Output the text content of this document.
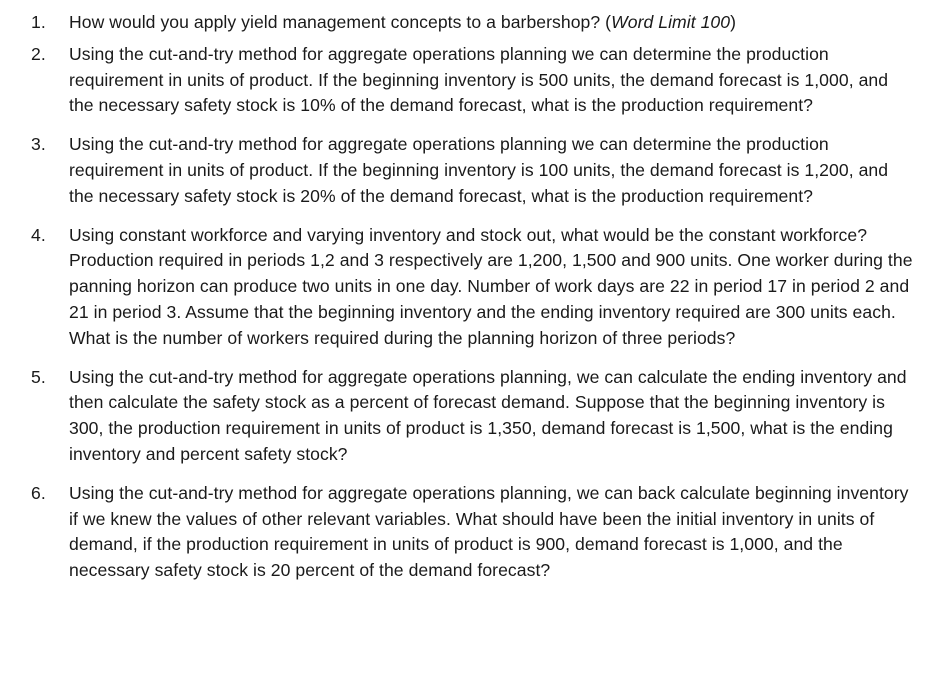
1.	How would you apply yield management concepts to a barbershop? (Word Limit 100)
2.	Using the cut-and-try method for aggregate operations planning we can determine the production requirement in units of product. If the beginning inventory is 500 units, the demand forecast is 1,000, and the necessary safety stock is 10% of the demand forecast, what is the production requirement?
3.	Using the cut-and-try method for aggregate operations planning we can determine the production requirement in units of product. If the beginning inventory is 100 units, the demand forecast is 1,200, and the necessary safety stock is 20% of the demand forecast, what is the production requirement?
4.	Using constant workforce and varying inventory and stock out, what would be the constant workforce? Production required in periods 1,2 and 3 respectively are 1,200, 1,500 and 900 units. One worker during the panning horizon can produce two units in one day. Number of work days are 22 in period 17 in period 2 and 21 in period 3. Assume that the beginning inventory and the ending inventory required are 300 units each. What is the number of workers required during the planning horizon of three periods?
5.	Using the cut-and-try method for aggregate operations planning, we can calculate the ending inventory and then calculate the safety stock as a percent of forecast demand. Suppose that the beginning inventory is 300, the production requirement in units of product is 1,350, demand forecast is 1,500, what is the ending inventory and percent safety stock?
6.	Using the cut-and-try method for aggregate operations planning, we can back calculate beginning inventory if we knew the values of other relevant variables. What should have been the initial inventory in units of demand, if the production requirement in units of product is 900, demand forecast is 1,000, and the necessary safety stock is 20 percent of the demand forecast?
